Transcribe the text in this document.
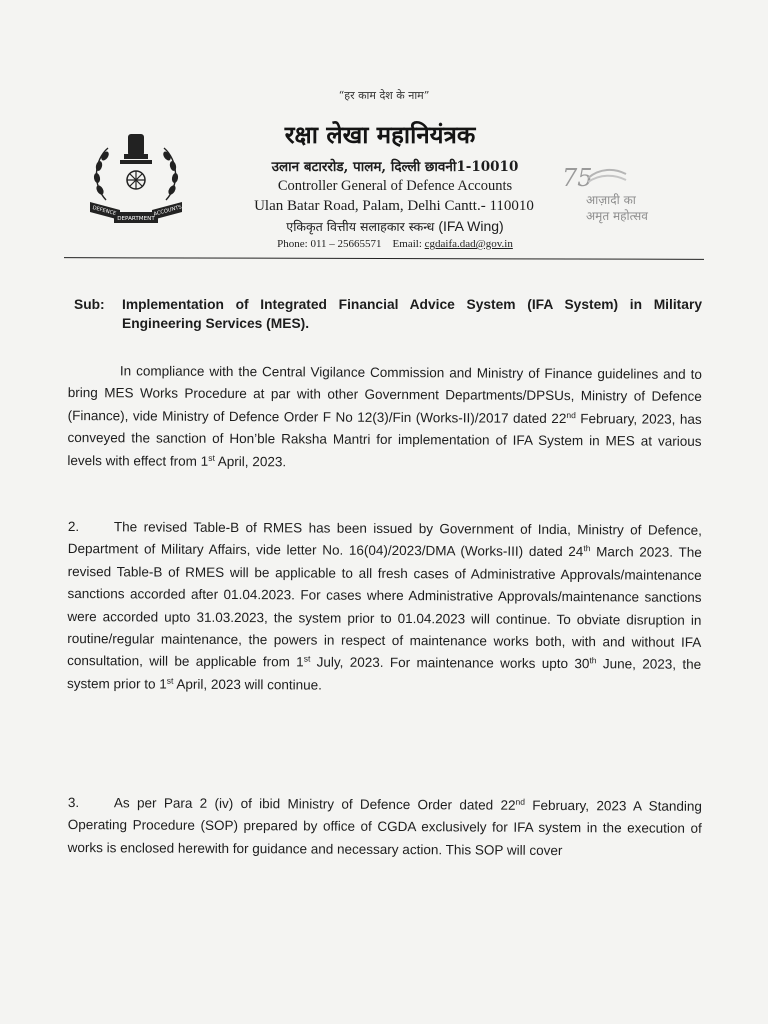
“हर काम देश के नाम”
DEFENCE	ACCOUNTS
DEPARTMENT
रक्षा लेखा महानियंत्रक
उलान बटाररोड, पालम, दिल्ली छावनी1-10010
Controller General of Defence Accounts
Ulan Batar Road, Palam, Delhi Cantt.- 110010
एकिकृत वित्तीय सलाहकार स्कन्ध (IFA Wing)
Phone: 011 – 25665571 Email: cgdaifa.dad@gov.in
75
आज़ादी का
अमृत महोत्सव
Sub:	Implementation of Integrated Financial Advice System (IFA System) in Military Engineering Services (MES).
In compliance with the Central Vigilance Commission and Ministry of Finance guidelines and to bring MES Works Procedure at par with other Government Departments/DPSUs, Ministry of Defence (Finance), vide Ministry of Defence Order F No 12(3)/Fin (Works-II)/2017 dated 22nd February, 2023, has conveyed the sanction of Hon’ble Raksha Mantri for implementation of IFA System in MES at various levels with effect from 1st April, 2023.
2.	The revised Table-B of RMES has been issued by Government of India, Ministry of Defence, Department of Military Affairs, vide letter No. 16(04)/2023/DMA (Works-III) dated 24th March 2023. The revised Table-B of RMES will be applicable to all fresh cases of Administrative Approvals/maintenance sanctions accorded after 01.04.2023. For cases where Administrative Approvals/maintenance sanctions were accorded upto 31.03.2023, the system prior to 01.04.2023 will continue. To obviate disruption in routine/regular maintenance, the powers in respect of maintenance works both, with and without IFA consultation, will be applicable from 1st July, 2023. For maintenance works upto 30th June, 2023, the system prior to 1st April, 2023 will continue.
3.	As per Para 2 (iv) of ibid Ministry of Defence Order dated 22nd February, 2023 A Standing Operating Procedure (SOP) prepared by office of CGDA exclusively for IFA system in the execution of works is enclosed herewith for guidance and necessary action. This SOP will cover
